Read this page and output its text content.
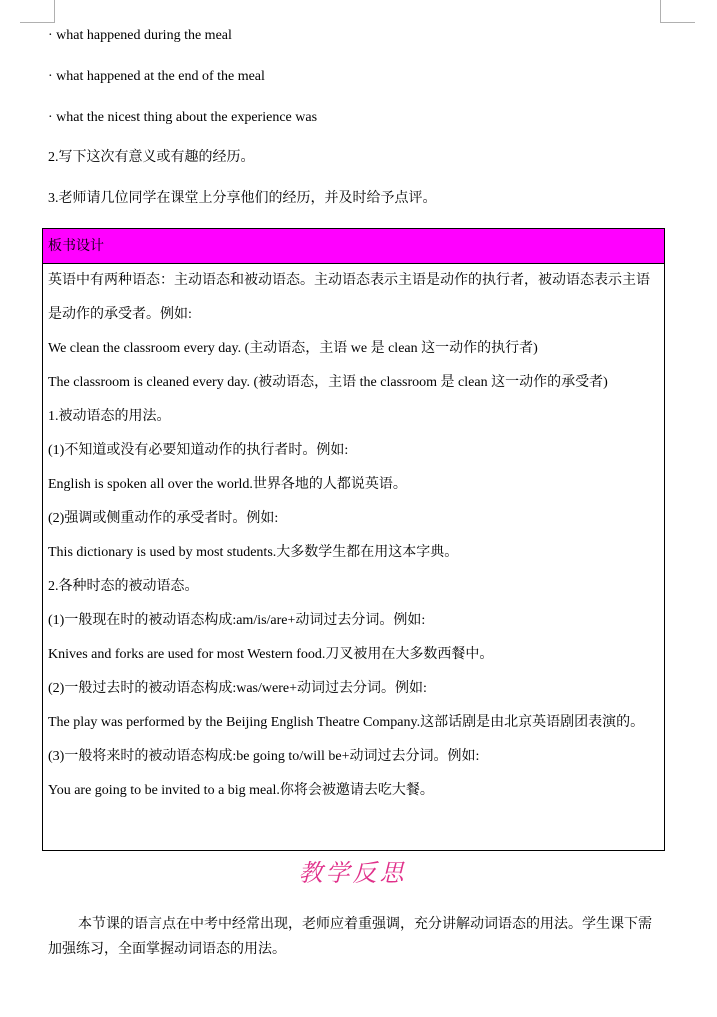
· what happened during the meal
· what happened at the end of the meal
· what the nicest thing about the experience was
2.写下这次有意义或有趣的经历。
3.老师请几位同学在课堂上分享他们的经历，并及时给予点评。
板书设计

英语中有两种语态：主动语态和被动语态。主动语态表示主语是动作的执行者，被动语态表示主语是动作的承受者。例如:

We clean the classroom every day. (主动语态，主语 we 是 clean 这一动作的执行者)

The classroom is cleaned every day. (被动语态，主语 the classroom 是 clean 这一动作的承受者)

1.被动语态的用法。

(1)不知道或没有必要知道动作的执行者时。例如:

English is spoken all over the world.世界各地的人都说英语。

(2)强调或侧重动作的承受者时。例如:

This dictionary is used by most students.大多数学生都在用这本字典。

2.各种时态的被动语态。

(1)一般现在时的被动语态构成:am/is/are+动词过去分词。例如:

Knives and forks are used for most Western food.刀叉被用在大多数西餐中。

(2)一般过去时的被动语态构成:was/were+动词过去分词。例如:

The play was performed by the Beijing English Theatre Company.这部话剧是由北京英语剧团表演的。

(3)一般将来时的被动语态构成:be going to/will be+动词过去分词。例如:

You are going to be invited to a big meal.你将会被邀请去吃大餐。

教学反思
本节课的语言点在中考中经常出现，老师应着重强调，充分讲解动词语态的用法。学生课下需加强练习，全面掌握动词语态的用法。
